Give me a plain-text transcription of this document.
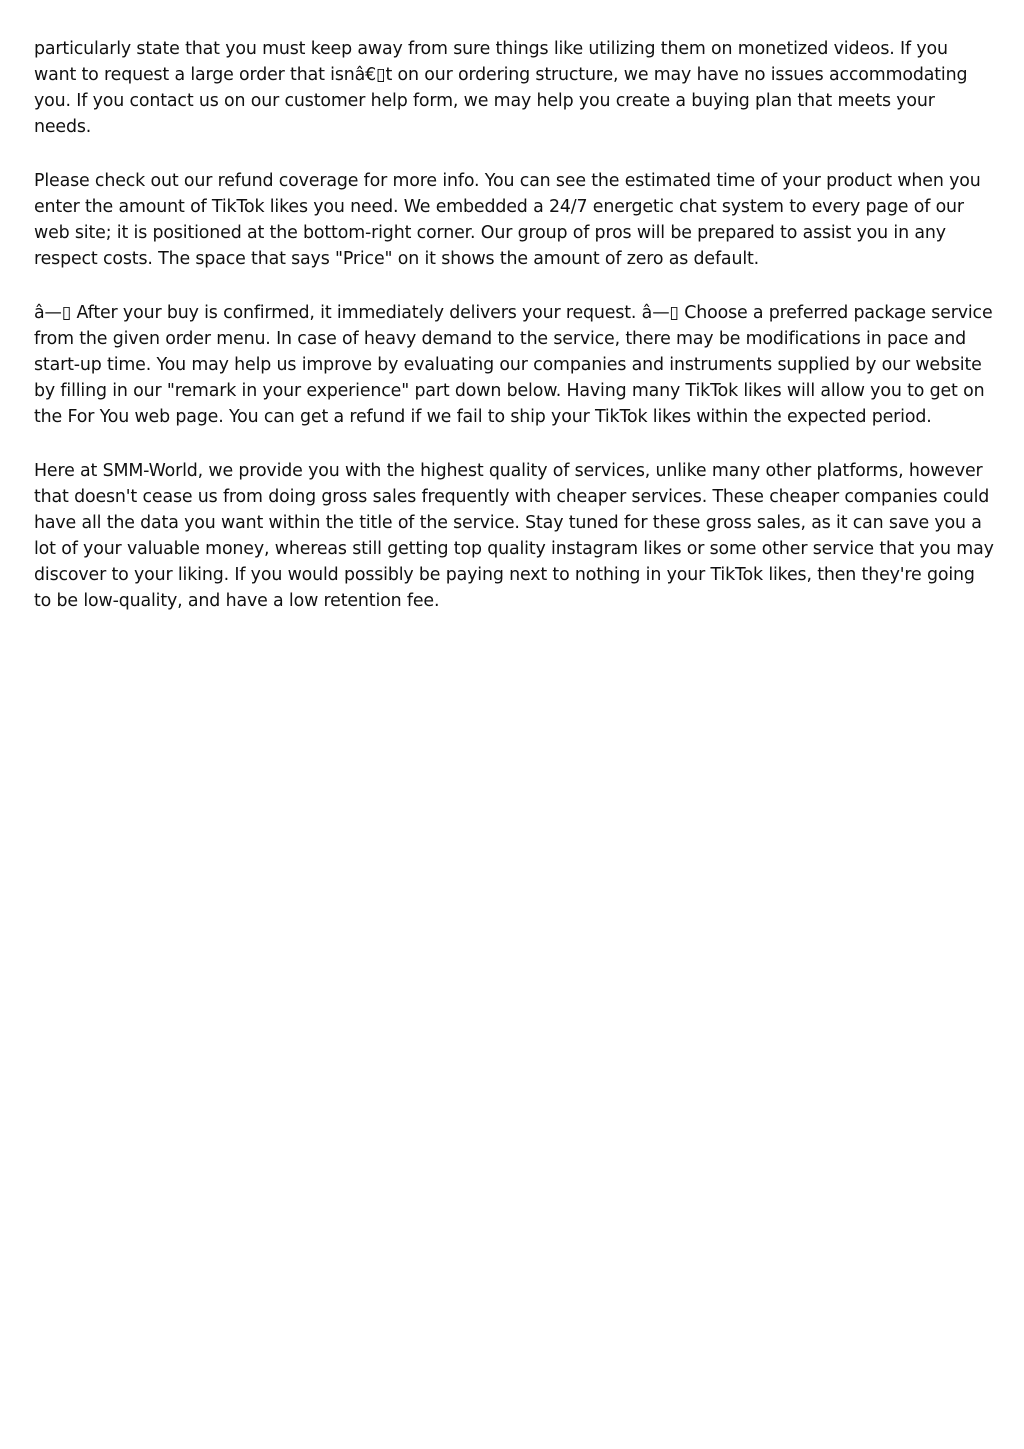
particularly state that you must keep away from sure things like utilizing them on monetized videos. If you want to request a large order that isnâ€▯t on our ordering structure, we may have no issues accommodating you. If you contact us on our customer help form, we may help you create a buying plan that meets your needs.

Please check out our refund coverage for more info. You can see the estimated time of your product when you enter the amount of TikTok likes you need. We embedded a 24/7 energetic chat system to every page of our web site; it is positioned at the bottom-right corner. Our group of pros will be prepared to assist you in any respect costs. The space that says "Price" on it shows the amount of zero as default.

â—▯ After your buy is confirmed, it immediately delivers your request. â—▯ Choose a preferred package service from the given order menu. In case of heavy demand to the service, there may be modifications in pace and start-up time. You may help us improve by evaluating our companies and instruments supplied by our website by filling in our "remark in your experience" part down below. Having many TikTok likes will allow you to get on the For You web page. You can get a refund if we fail to ship your TikTok likes within the expected period.

Here at SMM-World, we provide you with the highest quality of services, unlike many other platforms, however that doesn't cease us from doing gross sales frequently with cheaper services. These cheaper companies could have all the data you want within the title of the service. Stay tuned for these gross sales, as it can save you a lot of your valuable money, whereas still getting top quality instagram likes or some other service that you may discover to your liking. If you would possibly be paying next to nothing in your TikTok likes, then they're going to be low-quality, and have a low retention fee.
